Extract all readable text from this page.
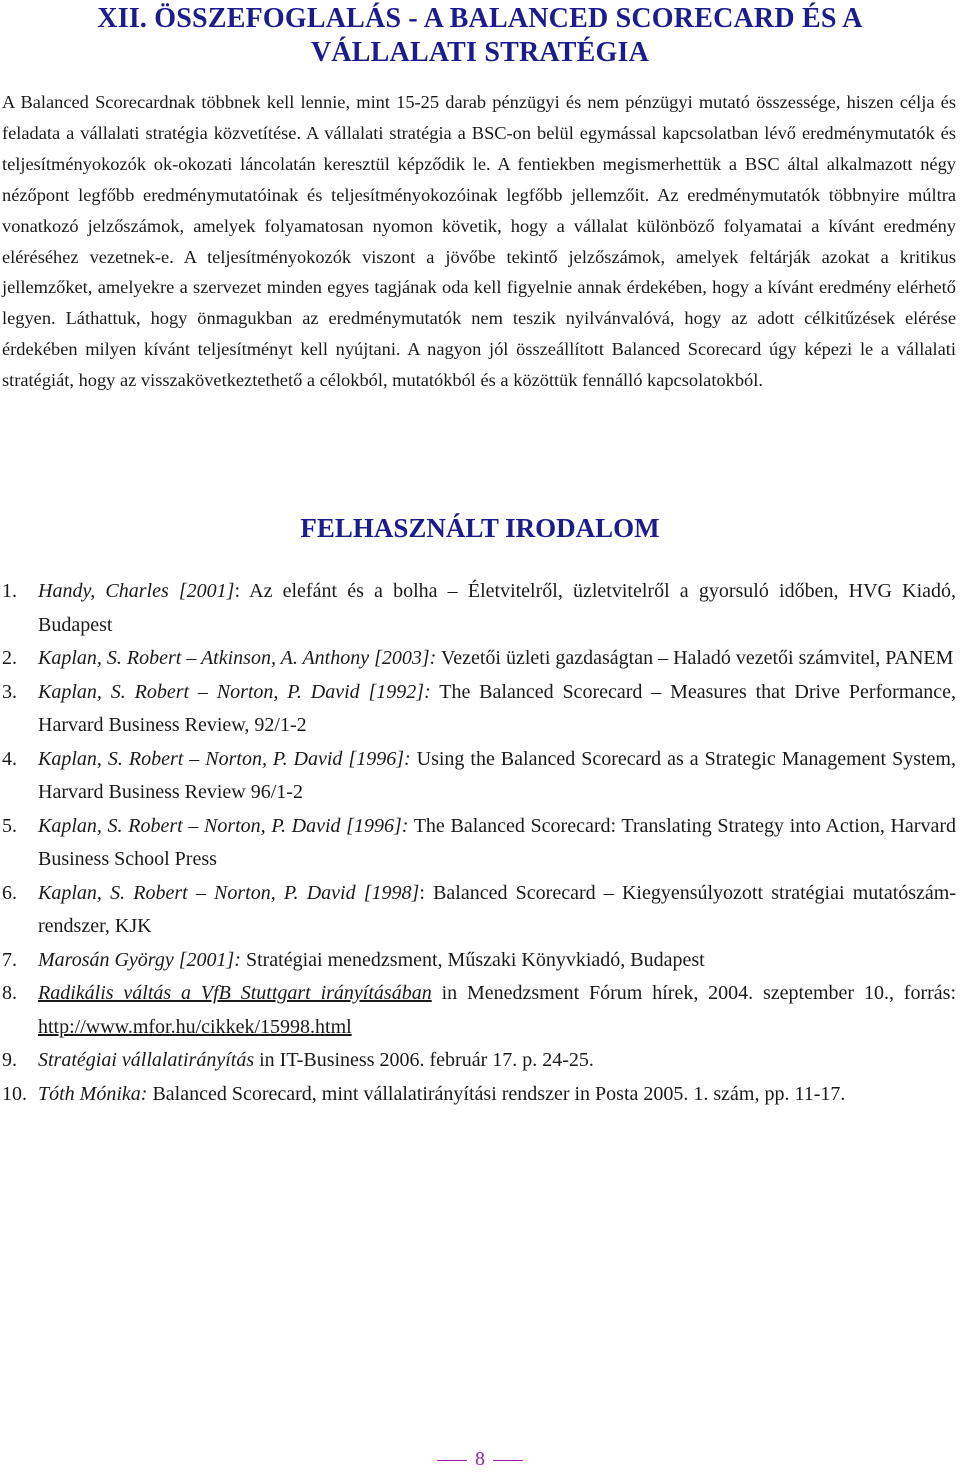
XII. ÖSSZEFOGLALÁS - A BALANCED SCORECARD ÉS A
VÁLLALATI STRATÉGIA

A Balanced Scorecardnak többnek kell lennie, mint 15-25 darab pénzügyi és nem pénzügyi mutató összessége, hiszen célja és feladata a vállalati stratégia közvetítése. A vállalati stratégia a BSC-on belül egymással kapcsolatban lévő eredménymutatók és teljesítményokozók ok-okozati láncolatán keresztül képződik le. A fentiekben megismerhettük a BSC által alkalmazott négy nézőpont legfőbb eredménymutatóinak és teljesítményokozóinak legfőbb jellemzőit. Az eredménymutatók többnyire múltra vonatkozó jelzőszámok, amelyek folyamatosan nyomon követik, hogy a vállalat különböző folyamatai a kívánt eredmény eléréséhez vezetnek-e. A teljesítményokozók viszont a jövőbe tekintő jelzőszámok, amelyek feltárják azokat a kritikus jellemzőket, amelyekre a szervezet minden egyes tagjának oda kell figyelnie annak érdekében, hogy a kívánt eredmény elérhető legyen. Láthattuk, hogy önmagukban az eredménymutatók nem teszik nyilvánvalóvá, hogy az adott célkitűzések elérése érdekében milyen kívánt teljesítményt kell nyújtani. A nagyon jól összeállított Balanced Scorecard úgy képezi le a vállalati stratégiát, hogy az visszakövetkeztethető a célokból, mutatókból és a közöttük fennálló kapcsolatokból.

FELHASZNÁLT IRODALOM
1. Handy, Charles [2001]: Az elefánt és a bolha – Életvitelről, üzletvitelről a gyorsuló időben, HVG Kiadó, Budapest
2. Kaplan, S. Robert – Atkinson, A. Anthony [2003]: Vezetői üzleti gazdaságtan – Haladó vezetői számvitel, PANEM
3. Kaplan, S. Robert – Norton, P. David [1992]: The Balanced Scorecard – Measures that Drive Performance, Harvard Business Review, 92/1-2
4. Kaplan, S. Robert – Norton, P. David [1996]: Using the Balanced Scorecard as a Strategic Management System, Harvard Business Review 96/1-2
5. Kaplan, S. Robert – Norton, P. David [1996]: The Balanced Scorecard: Translating Strategy into Action, Harvard Business School Press
6. Kaplan, S. Robert – Norton, P. David [1998]: Balanced Scorecard – Kiegyensúlyozott stratégiai mutatószám-rendszer, KJK
7. Marosán György [2001]: Stratégiai menedzsment, Műszaki Könyvkiadó, Budapest
8. Radikális váltás a VfB Stuttgart irányításában in Menedzsment Fórum hírek, 2004. szeptember 10., forrás: http://www.mfor.hu/cikkek/15998.html
9. Stratégiai vállalatirányítás in IT-Business 2006. február 17. p. 24-25.
10. Tóth Mónika: Balanced Scorecard, mint vállalatirányítási rendszer in Posta 2005. 1. szám, pp. 11-17.
8
